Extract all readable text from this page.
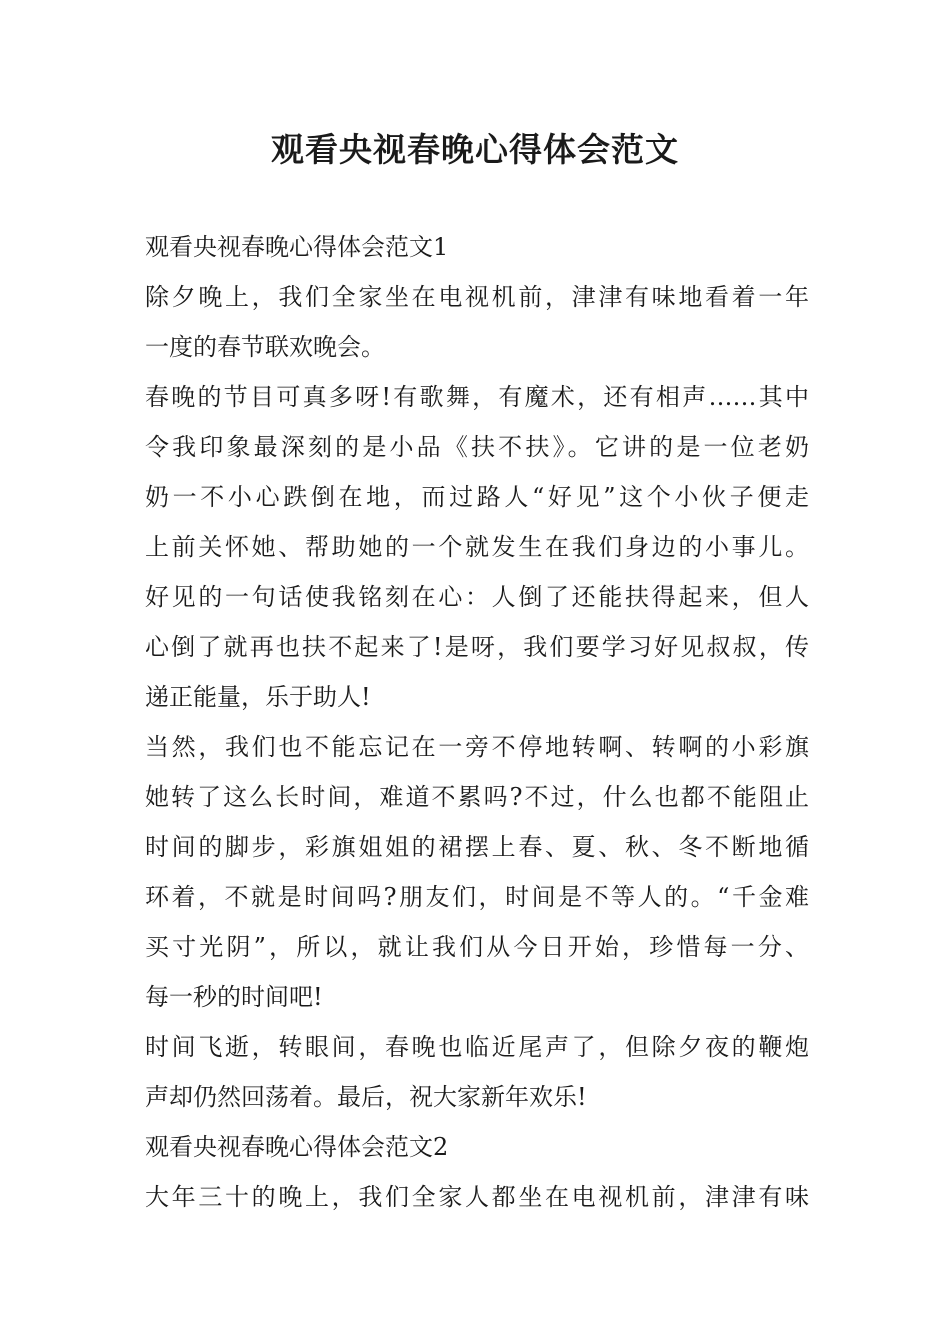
观看央视春晚心得体会范文
观看央视春晚心得体会范文1
除夕晚上，我们全家坐在电视机前，津津有味地看着一年
一度的春节联欢晚会。
春晚的节目可真多呀!有歌舞，有魔术，还有相声……其中
令我印象最深刻的是小品《扶不扶》。它讲的是一位老奶
奶一不小心跌倒在地，而过路人“好见”这个小伙子便走
上前关怀她、帮助她的一个就发生在我们身边的小事儿。
好见的一句话使我铭刻在心：人倒了还能扶得起来，但人
心倒了就再也扶不起来了!是呀，我们要学习好见叔叔，传
递正能量，乐于助人!
当然，我们也不能忘记在一旁不停地转啊、转啊的小彩旗
她转了这么长时间，难道不累吗?不过，什么也都不能阻止
时间的脚步，彩旗姐姐的裙摆上春、夏、秋、冬不断地循
环着，不就是时间吗?朋友们，时间是不等人的。“千金难
买寸光阴”，所以，就让我们从今日开始，珍惜每一分、
每一秒的时间吧!
时间飞逝，转眼间，春晚也临近尾声了，但除夕夜的鞭炮
声却仍然回荡着。最后，祝大家新年欢乐!
观看央视春晚心得体会范文2
大年三十的晚上，我们全家人都坐在电视机前，津津有味
